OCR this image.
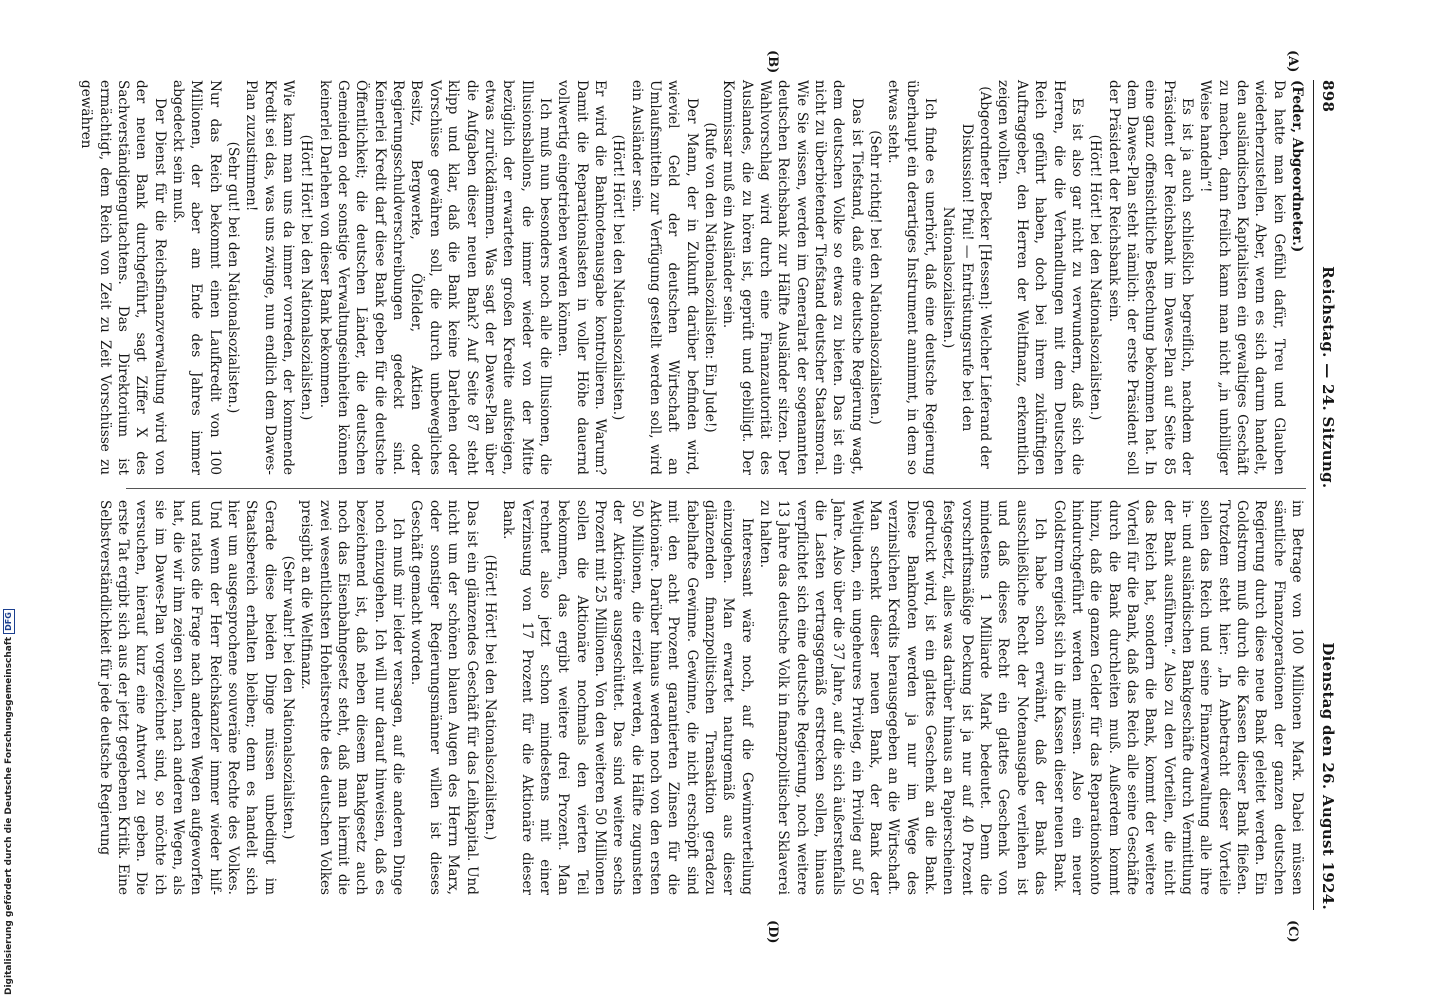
898
Reichstag. — 24. Sitzung.
Dienstag den 26. August 1924.
(A)
(B)
(C)
(D)

(Feder, Abgeordneter.)

Da hatte man kein Gefühl dafür, Treu und Glauben wiederherzustellen. Aber, wenn es sich darum handelt, den ausländischen Kapitalisten ein gewaltiges Geschäft zu machen, dann freilich kann man nicht „in unbilliger Weise handeln“!

Es ist ja auch schließlich begreiflich, nachdem der Präsident der Reichsbank im Dawes-Plan auf Seite 85 eine ganz offensichtliche Bestechung bekommen hat. In dem Dawes-Plan steht nämlich: der erste Präsident soll der Präsident der Reichsbank sein.

(Hört! Hört! bei den Nationalsozialisten.)

Es ist also gar nicht zu verwundern, daß sich die Herren, die die Verhandlungen mit dem Deutschen Reich geführt haben, doch bei ihrem zukünftigen Auftraggeber, den Herren der Weltfinanz, erkenntlich zeigen wollten.

(Abgeordneter Becker [Hessen]: Welcher Lieferand der Diskussion! Pfui! — Entrüstungsrufe bei den Nationalsozialisten.)

Ich finde es unerhört, daß eine deutsche Regierung überhaupt ein derartiges Instrument annimmt, in dem so etwas steht.

(Sehr richtig! bei den Nationalsozialisten.)

Das ist Tiefstand, daß eine deutsche Regierung wagt, dem deutschen Volke so etwas zu bieten. Das ist ein nicht zu überbietender Tiefstand deutscher Staatsmoral. Wie Sie wissen, werden im Generalrat der sogenannten deutschen Reichsbank zur Hälfte Ausländer sitzen. Der Wahlvorschlag wird durch eine Finanzautorität des Auslandes, die zu hören ist, geprüft und gebilligt. Der Kommissar muß ein Ausländer sein.

(Rufe von den Nationalsozialisten: Ein Jude!)

Der Mann, der in Zukunft darüber befinden wird, wieviel Geld der deutschen Wirtschaft an Umlaufsmitteln zur Verfügung gestellt werden soll, wird ein Ausländer sein.

(Hört! Hört! bei den Nationalsozialisten.)

Er wird die Banknotenausgabe kontrollieren. Warum? Damit die Reparationslasten in voller Höhe dauernd vollwertig eingetrieben werden können.

Ich muß nun besonders noch alle die Illusionen, die Illusionsballons, die immer wieder von der Mitte bezüglich der erwarteten großen Kredite aufsteigen, etwas zurückdämmen. Was sagt der Dawes-Plan über die Aufgaben dieser neuen Bank? Auf Seite 87 steht klipp und klar, daß die Bank keine Darlehen oder Vorschüsse gewähren soll, die durch unbewegliches Besitz, Bergwerke, Ölfelder, Aktien oder Regierungsschuldverschreibungen gedeckt sind. Keinerlei Kredit darf diese Bank geben für die deutsche Öffentlichkeit; die deutschen Länder, die deutschen Gemeinden oder sonstige Verwaltungseinheiten können keinerlei Darlehen von dieser Bank bekommen.

(Hört! Hört! bei den Nationalsozialisten.)

Wie kann man uns da immer vorreden, der kommende Kredit sei das, was uns zwinge, nun endlich dem Dawes-Plan zuzustimmen!

(Sehr gut! bei den Nationalsozialisten.)

Nur das Reich bekommt einen Laufkredit von 100 Millionen, der aber am Ende des Jahres immer abgedeckt sein muß.

Der Dienst für die Reichsfinanzverwaltung wird von der neuen Bank durchgeführt, sagt Ziffer X des Sachverständigengutachtens. Das Direktorium ist ermächtigt, dem Reich von Zeit zu Zeit Vorschüsse zu gewähren

im Betrage von 100 Millionen Mark. Dabei müssen sämtliche Finanzoperationen der ganzen deutschen Regierung durch diese neue Bank geleitet werden. Ein Goldstrom muß durch die Kassen dieser Bank fließen. Trotzdem steht hier: „In Anbetracht dieser Vorteile sollen das Reich und seine Finanzverwaltung alle ihre in- und ausländischen Bankgeschäfte durch Vermittlung der Bank ausführen.“ Also zu den Vorteilen, die nicht das Reich hat, sondern die Bank, kommt der weitere Vorteil für die Bank, daß das Reich alle seine Geschäfte durch die Bank durchleiten muß. Außerdem kommt hinzu, daß die ganzen Gelder für das Reparationskonto hindurchgeführt werden müssen. Also ein neuer Goldstrom ergießt sich in die Kassen dieser neuen Bank.

Ich habe schon erwähnt, daß der Bank das ausschließliche Recht der Notenausgabe verliehen ist und daß dieses Recht ein glattes Geschenk von mindestens 1 Milliarde Mark bedeutet. Denn die vorschriftsmäßige Deckung ist ja nur auf 40 Prozent festgesetzt, alles was darüber hinaus an Papierscheinen gedruckt wird, ist ein glattes Geschenk an die Bank. Diese Banknoten werden ja nur im Wege des verzinslichen Kredits herausgegeben an die Wirtschaft. Man schenkt dieser neuen Bank, der Bank der Weltjuden, ein ungeheures Privileg, ein Privileg auf 50 Jahre. Also über die 37 Jahre, auf die sich äußerstenfalls die Lasten vertragsgemäß erstrecken sollen, hinaus verpflichtet sich eine deutsche Regierung, noch weitere 13 Jahre das deutsche Volk in finanzpolitischer Sklaverei zu halten.

Interessant wäre noch, auf die Gewinnverteilung einzugehen. Man erwartet naturgemäß aus dieser glänzenden finanzpolitischen Transaktion geradezu fabelhafte Gewinne. Gewinne, die nicht erschöpft sind mit den acht Prozent garantierten Zinsen für die Aktionäre. Darüber hinaus werden noch von den ersten 50 Millionen, die erzielt werden, die Hälfte zugunsten der Aktionäre ausgeschüttet. Das sind weitere sechs Prozent mit 25 Millionen. Von den weiteren 50 Millionen sollen die Aktionäre nochmals den vierten Teil bekommen, das ergibt weitere drei Prozent. Man rechnet also jetzt schon mindestens mit einer Verzinsung von 17 Prozent für die Aktionäre dieser Bank.

(Hört! Hört! bei den Nationalsozialisten.)

Das ist ein glänzendes Geschäft für das Leihkapital. Und nicht um der schönen blauen Augen des Herrn Marx, oder sonstiger Regierungsmänner willen ist dieses Geschäft gemacht worden.

Ich muß mir leider versagen, auf die anderen Dinge noch einzugehen. Ich will nur darauf hinweisen, daß es bezeichnend ist, daß neben diesem Bankgesetz auch noch das Eisenbahngesetz steht, daß man hiermit die zwei wesentlichsten Hoheitsrechte des deutschen Volkes preisgibt an die Weltfinanz.

(Sehr wahr! bei den Nationalsozialisten.)

Gerade diese beiden Dinge müssen unbedingt im Staatsbereich erhalten bleiben; denn es handelt sich hier um ausgesprochene souveräne Rechte des Volkes. Und wenn der Herr Reichskanzler immer wieder hilf- und ratlos die Frage nach anderen Wegen aufgeworfen hat, die wir ihm zeigen sollen, nach anderen Wegen, als sie im Dawes-Plan vorgezeichnet sind, so möchte ich versuchen, hierauf kurz eine Antwort zu geben. Die erste Tat ergibt sich aus der jetzt gegebenen Kritik. Eine Selbstverständlichkeit für jede deutsche Regierung

Digitalisierung gefördert durch die Deutsche Forschungsgemeinschaft
DFG
